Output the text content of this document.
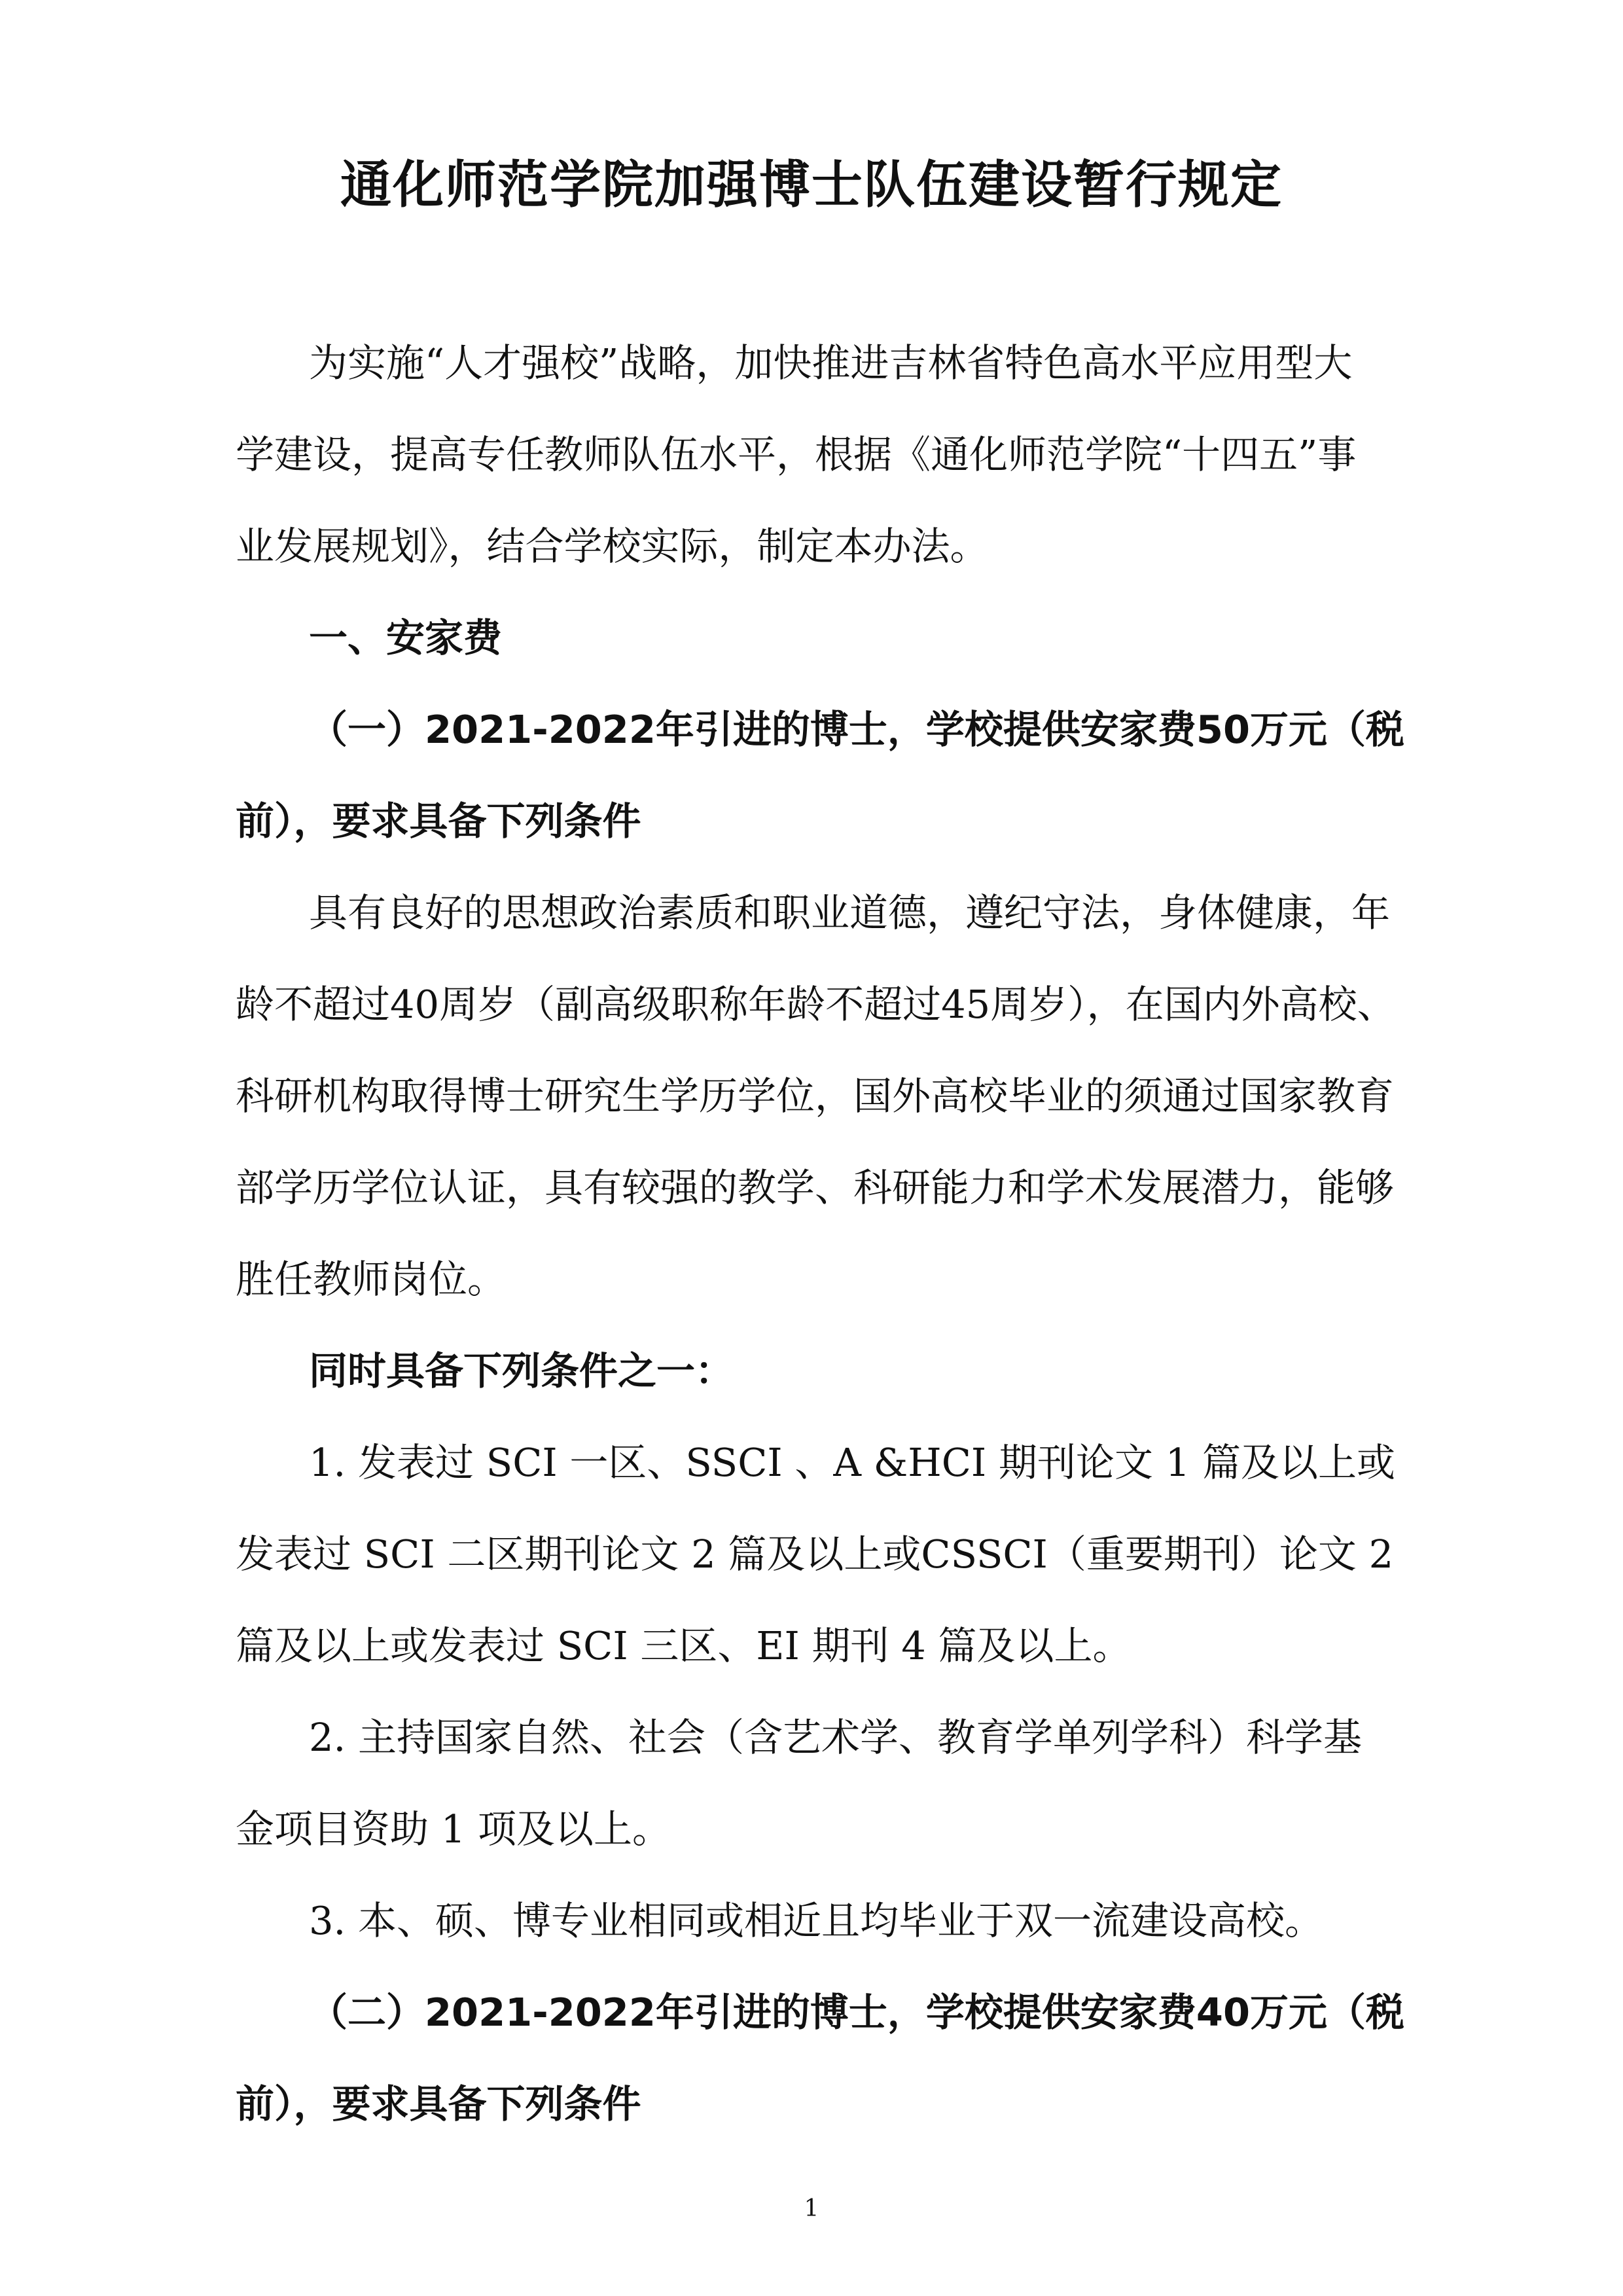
通化师范学院加强博士队伍建设暂行规定
为实施“人才强校”战略，加快推进吉林省特色高水平应用型大
学建设，提高专任教师队伍水平，根据《通化师范学院“十四五”事
业发展规划》，结合学校实际，制定本办法。
一、安家费
（一）2021-2022年引进的博士，学校提供安家费50万元（税
前），要求具备下列条件
具有良好的思想政治素质和职业道德，遵纪守法，身体健康，年
龄不超过40周岁（副高级职称年龄不超过45周岁），在国内外高校、
科研机构取得博士研究生学历学位，国外高校毕业的须通过国家教育
部学历学位认证，具有较强的教学、科研能力和学术发展潜力，能够
胜任教师岗位。
同时具备下列条件之一：
1. 发表过 SCI 一区、SSCI 、A &HCI 期刊论文 1 篇及以上或
发表过 SCI 二区期刊论文 2 篇及以上或CSSCI（重要期刊）论文 2
篇及以上或发表过 SCI 三区、EI 期刊 4 篇及以上。
2. 主持国家自然、社会（含艺术学、教育学单列学科）科学基
金项目资助 1 项及以上。
3. 本、硕、博专业相同或相近且均毕业于双一流建设高校。
（二）2021-2022年引进的博士，学校提供安家费40万元（税
前），要求具备下列条件
1
